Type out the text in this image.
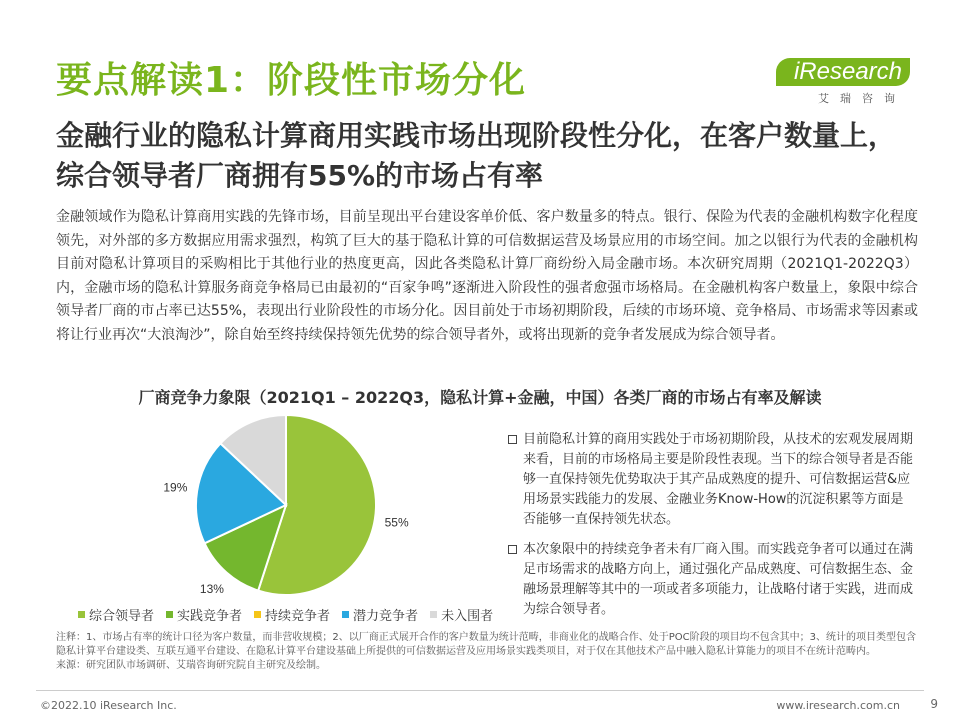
要点解读1：阶段性市场分化	iResearch
艾瑞咨询
金融行业的隐私计算商用实践市场出现阶段性分化，在客户数量上，综合领导者厂商拥有55%的市场占有率
金融领域作为隐私计算商用实践的先锋市场，目前呈现出平台建设客单价低、客户数量多的特点。银行、保险为代表的金融机构数字化程度领先，对外部的多方数据应用需求强烈，构筑了巨大的基于隐私计算的可信数据运营及场景应用的市场空间。加之以银行为代表的金融机构目前对隐私计算项目的采购相比于其他行业的热度更高，因此各类隐私计算厂商纷纷入局金融市场。本次研究周期（2021Q1-2022Q3）内，金融市场的隐私计算服务商竞争格局已由最初的“百家争鸣”逐渐进入阶段性的强者愈强市场格局。在金融机构客户数量上，象限中综合领导者厂商的市占率已达55%，表现出行业阶段性的市场分化。因目前处于市场初期阶段，后续的市场环境、竞争格局、市场需求等因素或将让行业再次“大浪淘沙”，除自始至终持续保持领先优势的综合领导者外，或将出现新的竞争者发展成为综合领导者。
厂商竞争力象限（2021Q1 – 2022Q3，隐私计算+金融，中国）各类厂商的市场占有率及解读
55%
13%
19%
综合领导者 实践竞争者 持续竞争者 潜力竞争者 未入围者
目前隐私计算的商用实践处于市场初期阶段，从技术的宏观发展周期来看，目前的市场格局主要是阶段性表现。当下的综合领导者是否能够一直保持领先优势取决于其产品成熟度的提升、可信数据运营&应用场景实践能力的发展、金融业务Know-How的沉淀积累等方面是否能够一直保持领先状态。
本次象限中的持续竞争者未有厂商入围。而实践竞争者可以通过在满足市场需求的战略方向上，通过强化产品成熟度、可信数据生态、金融场景理解等其中的一项或者多项能力，让战略付诸于实践，进而成为综合领导者。
注释：1、市场占有率的统计口径为客户数量，而非营收规模；2、以厂商正式展开合作的客户数量为统计范畴，非商业化的战略合作、处于POC阶段的项目均不包含其中；3、统计的项目类型包含隐私计算平台建设类、互联互通平台建设、在隐私计算平台建设基础上所提供的可信数据运营及应用场景实践类项目，对于仅在其他技术产品中融入隐私计算能力的项目不在统计范畴内。
来源：研究团队市场调研、艾瑞咨询研究院自主研究及绘制。
©2022.10 iResearch Inc.	www.iresearch.com.cn	9
